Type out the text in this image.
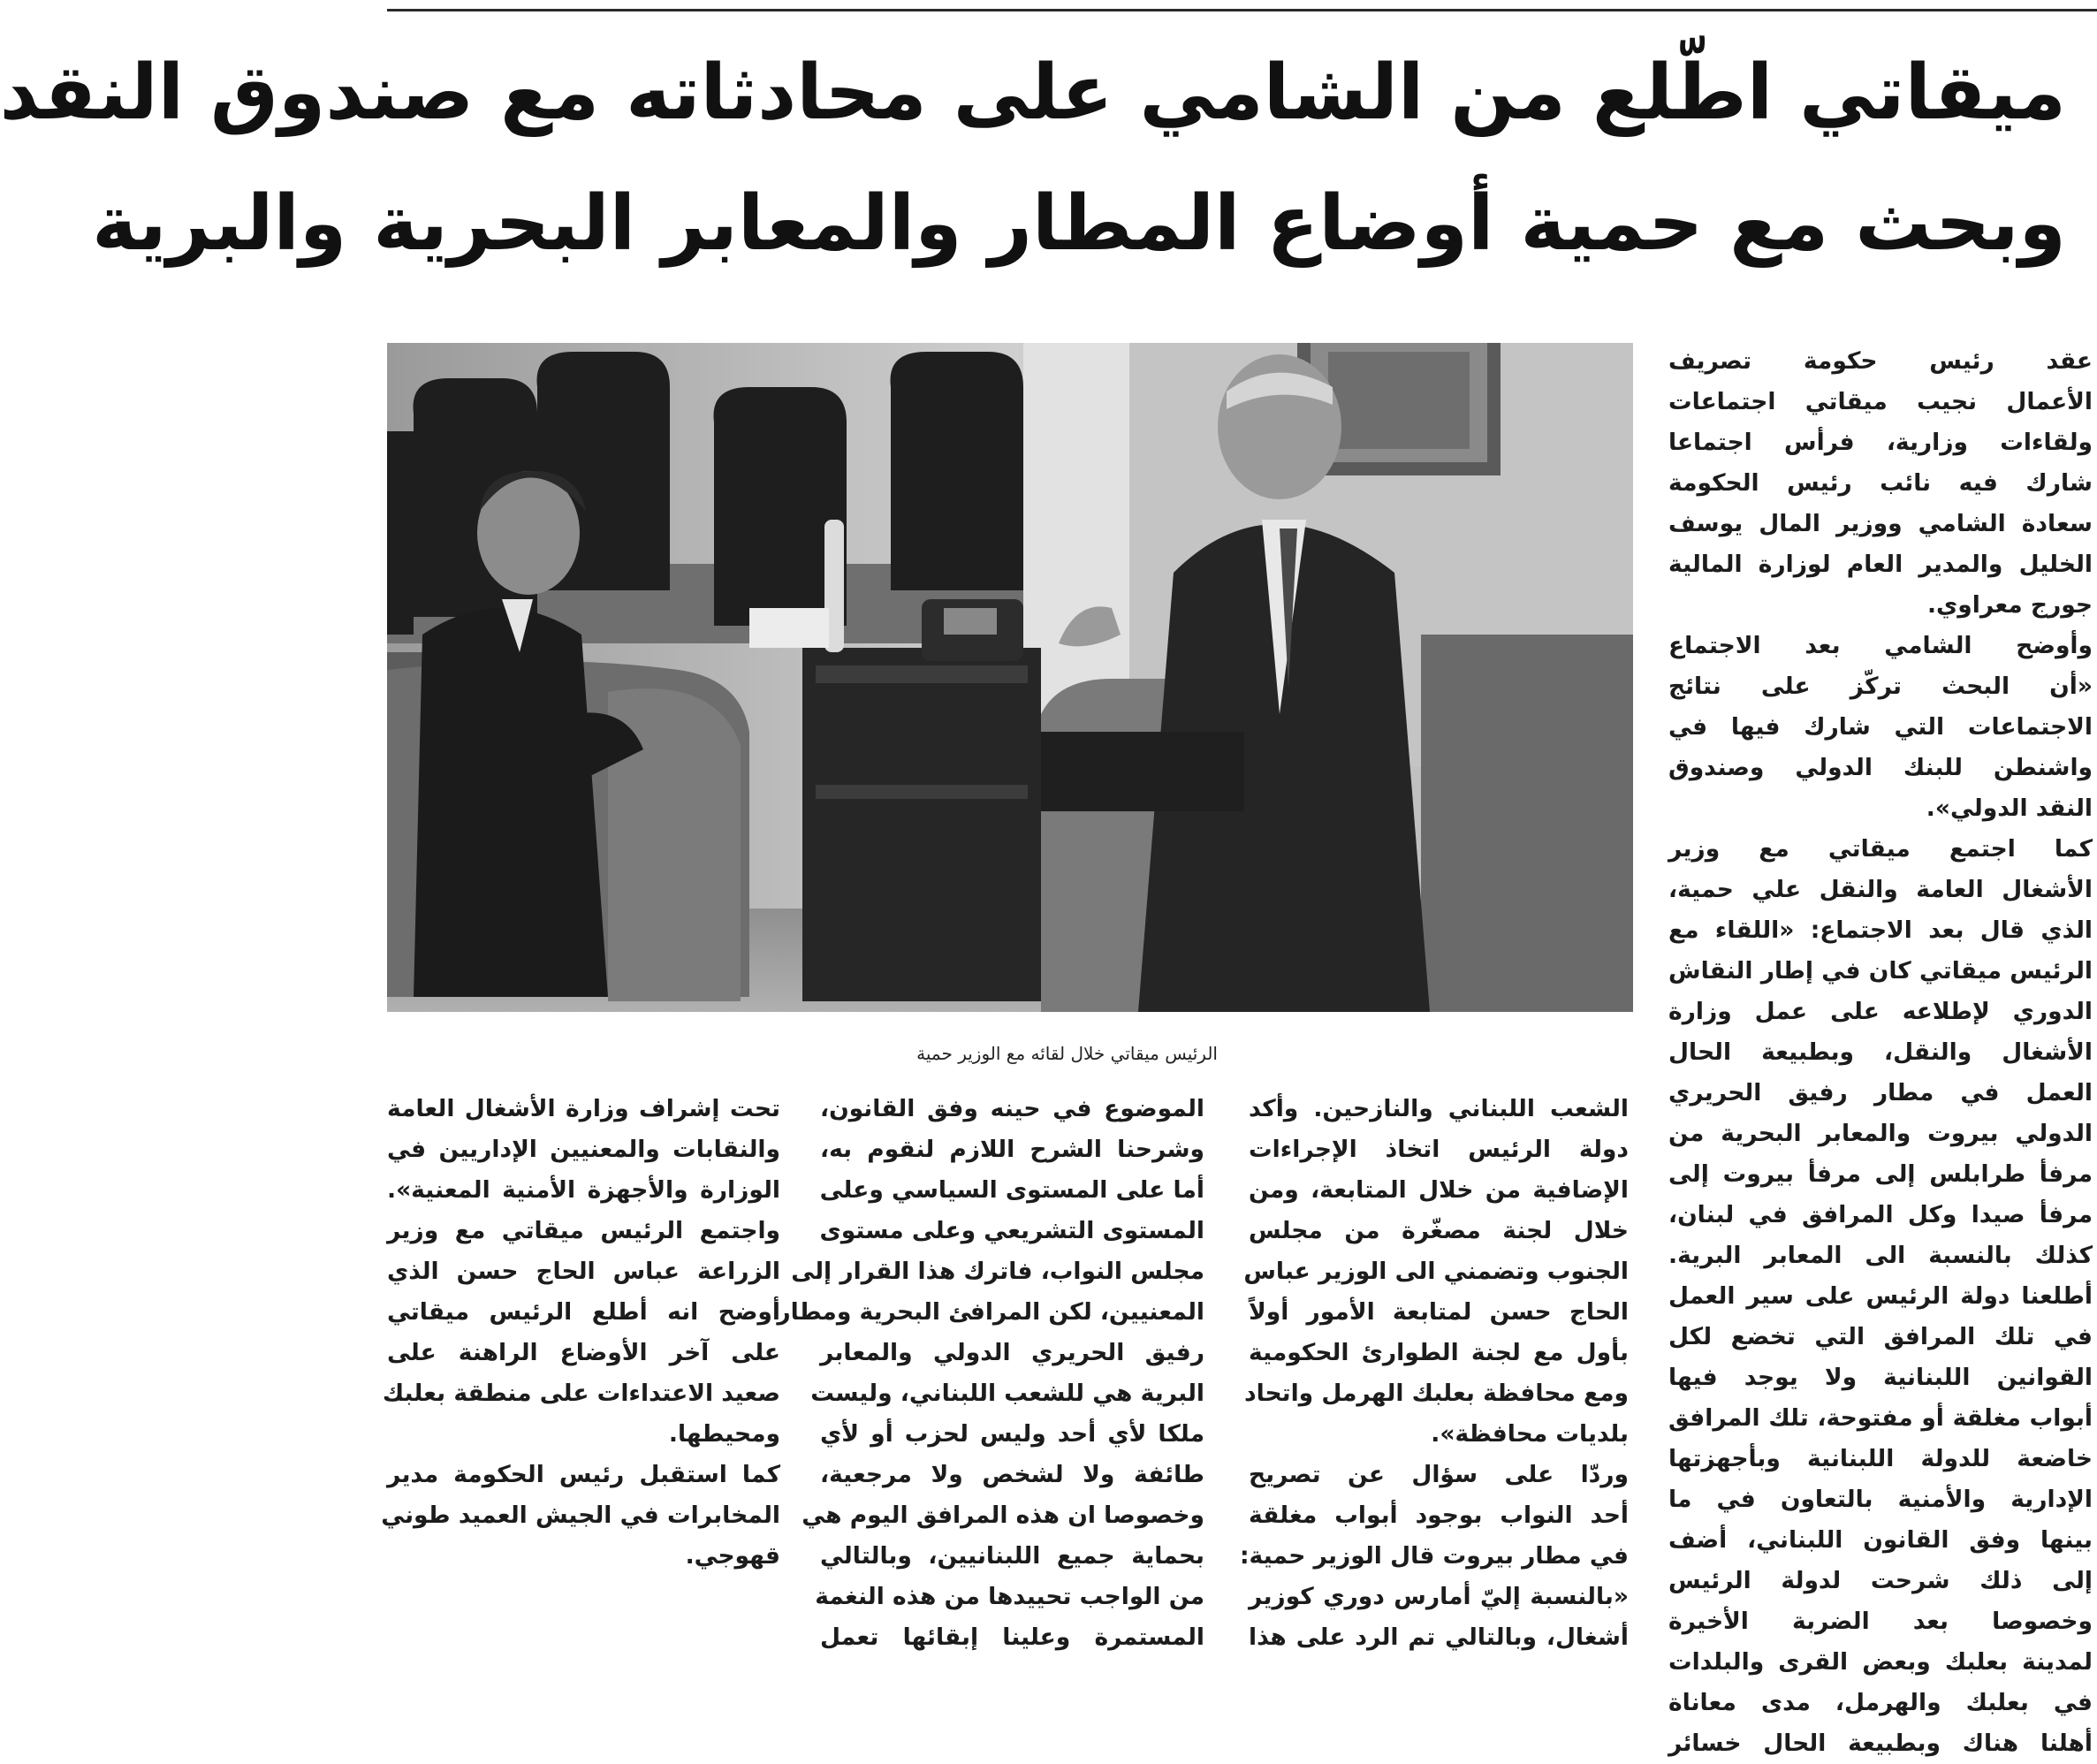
ميقاتي اطّلع من الشامي على محادثاته مع صندوق النقد
وبحث مع حمية أوضاع المطار والمعابر البحرية والبرية
الرئيس ميقاتي خلال لقائه مع الوزير حمية
عقد رئيس حكومة تصريف
الأعمال نجيب ميقاتي اجتماعات
ولقاءات وزارية، فرأس اجتماعا
شارك فيه نائب رئيس الحكومة
سعادة الشامي ووزير المال يوسف
الخليل والمدير العام لوزارة المالية
جورج معراوي.
وأوضح الشامي بعد الاجتماع
«أن البحث تركّز على نتائج
الاجتماعات التي شارك فيها في
واشنطن للبنك الدولي وصندوق
النقد الدولي».
كما اجتمع ميقاتي مع وزير
الأشغال العامة والنقل علي حمية،
الذي قال بعد الاجتماع: «اللقاء مع
الرئيس ميقاتي كان في إطار النقاش
الدوري لإطلاعه على عمل وزارة
الأشغال والنقل، وبطبيعة الحال
العمل في مطار رفيق الحريري
الدولي بيروت والمعابر البحرية من
مرفأ طرابلس إلى مرفأ بيروت إلى
مرفأ صيدا وكل المرافق في لبنان،
كذلك بالنسبة الى المعابر البرية.
أطلعنا دولة الرئيس على سير العمل
في تلك المرافق التي تخضع لكل
القوانين اللبنانية ولا يوجد فيها
أبواب مغلقة أو مفتوحة، تلك المرافق
خاضعة للدولة اللبنانية وبأجهزتها
الإدارية والأمنية بالتعاون في ما
بينها وفق القانون اللبناني، أضف
إلى ذلك شرحت لدولة الرئيس
وخصوصا بعد الضربة الأخيرة
لمدينة بعلبك وبعض القرى والبلدات
في بعلبك والهرمل، مدى معاناة
أهلنا هناك وبطبيعة الحال خسائر
الشعب اللبناني والنازحين. وأكد
دولة الرئيس اتخاذ الإجراءات
الإضافية من خلال المتابعة، ومن
خلال لجنة مصغّرة من مجلس
الجنوب وتضمني الى الوزير عباس
الحاج حسن لمتابعة الأمور أولاً
بأول مع لجنة الطوارئ الحكومية
ومع محافظة بعلبك الهرمل واتحاد
بلديات محافظة».
وردّا على سؤال عن تصريح
أحد النواب بوجود أبواب مغلقة
في مطار بيروت قال الوزير حمية:
«بالنسبة إليّ أمارس دوري كوزير
أشغال، وبالتالي تم الرد على هذا
الموضوع في حينه وفق القانون،
وشرحنا الشرح اللازم لنقوم به،
أما على المستوى السياسي وعلى
المستوى التشريعي وعلى مستوى
مجلس النواب، فاترك هذا القرار إلى
المعنيين، لكن المرافئ البحرية ومطار
رفيق الحريري الدولي والمعابر
البرية هي للشعب اللبناني، وليست
ملكا لأي أحد وليس لحزب أو لأي
طائفة ولا لشخص ولا مرجعية،
وخصوصا ان هذه المرافق اليوم هي
بحماية جميع اللبنانيين، وبالتالي
من الواجب تحييدها من هذه النغمة
المستمرة وعلينا إبقائها تعمل
تحت إشراف وزارة الأشغال العامة
والنقابات والمعنيين الإداريين في
الوزارة والأجهزة الأمنية المعنية».
واجتمع الرئيس ميقاتي مع وزير
الزراعة عباس الحاج حسن الذي
أوضح انه أطلع الرئيس ميقاتي
على آخر الأوضاع الراهنة على
صعيد الاعتداءات على منطقة بعلبك
ومحيطها.
كما استقبل رئيس الحكومة مدير
المخابرات في الجيش العميد طوني
قهوجي.
